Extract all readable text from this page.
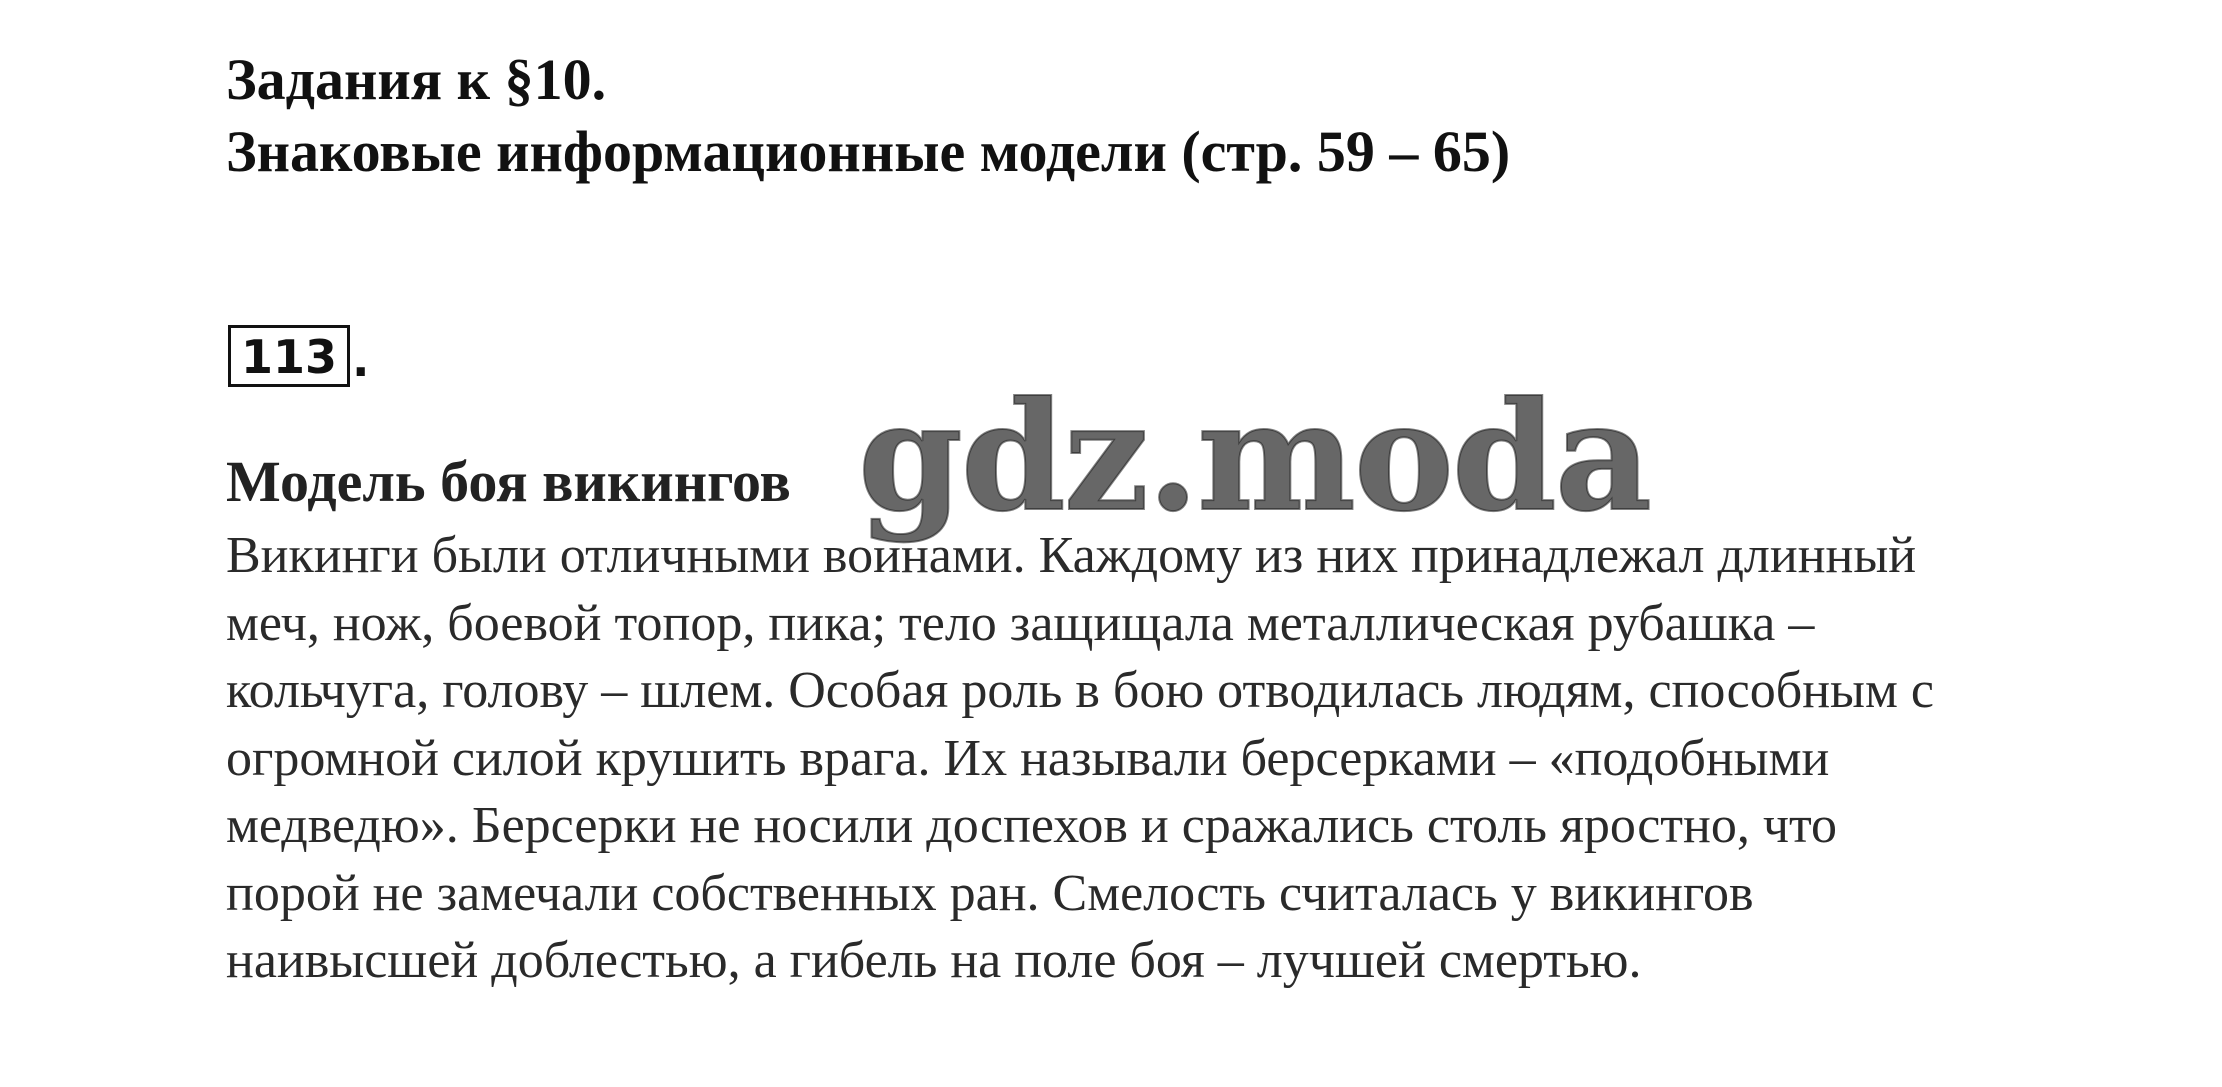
Задания к §10.
Знаковые информационные модели (стр. 59 – 65)
113 .
Модель боя викингов
Викинги были отличными воинами. Каждому из них принадлежал длинный
меч, нож, боевой топор, пика; тело защищала металлическая рубашка –
кольчуга, голову – шлем. Особая роль в бою отводилась людям, способным с
огромной силой крушить врага. Их называли берсерками – «подобными
медведю». Берсерки не носили доспехов и сражались столь яростно, что
порой не замечали собственных ран. Смелость считалась у викингов
наивысшей доблестью, а гибель на поле боя – лучшей смертью.
gdz.moda
